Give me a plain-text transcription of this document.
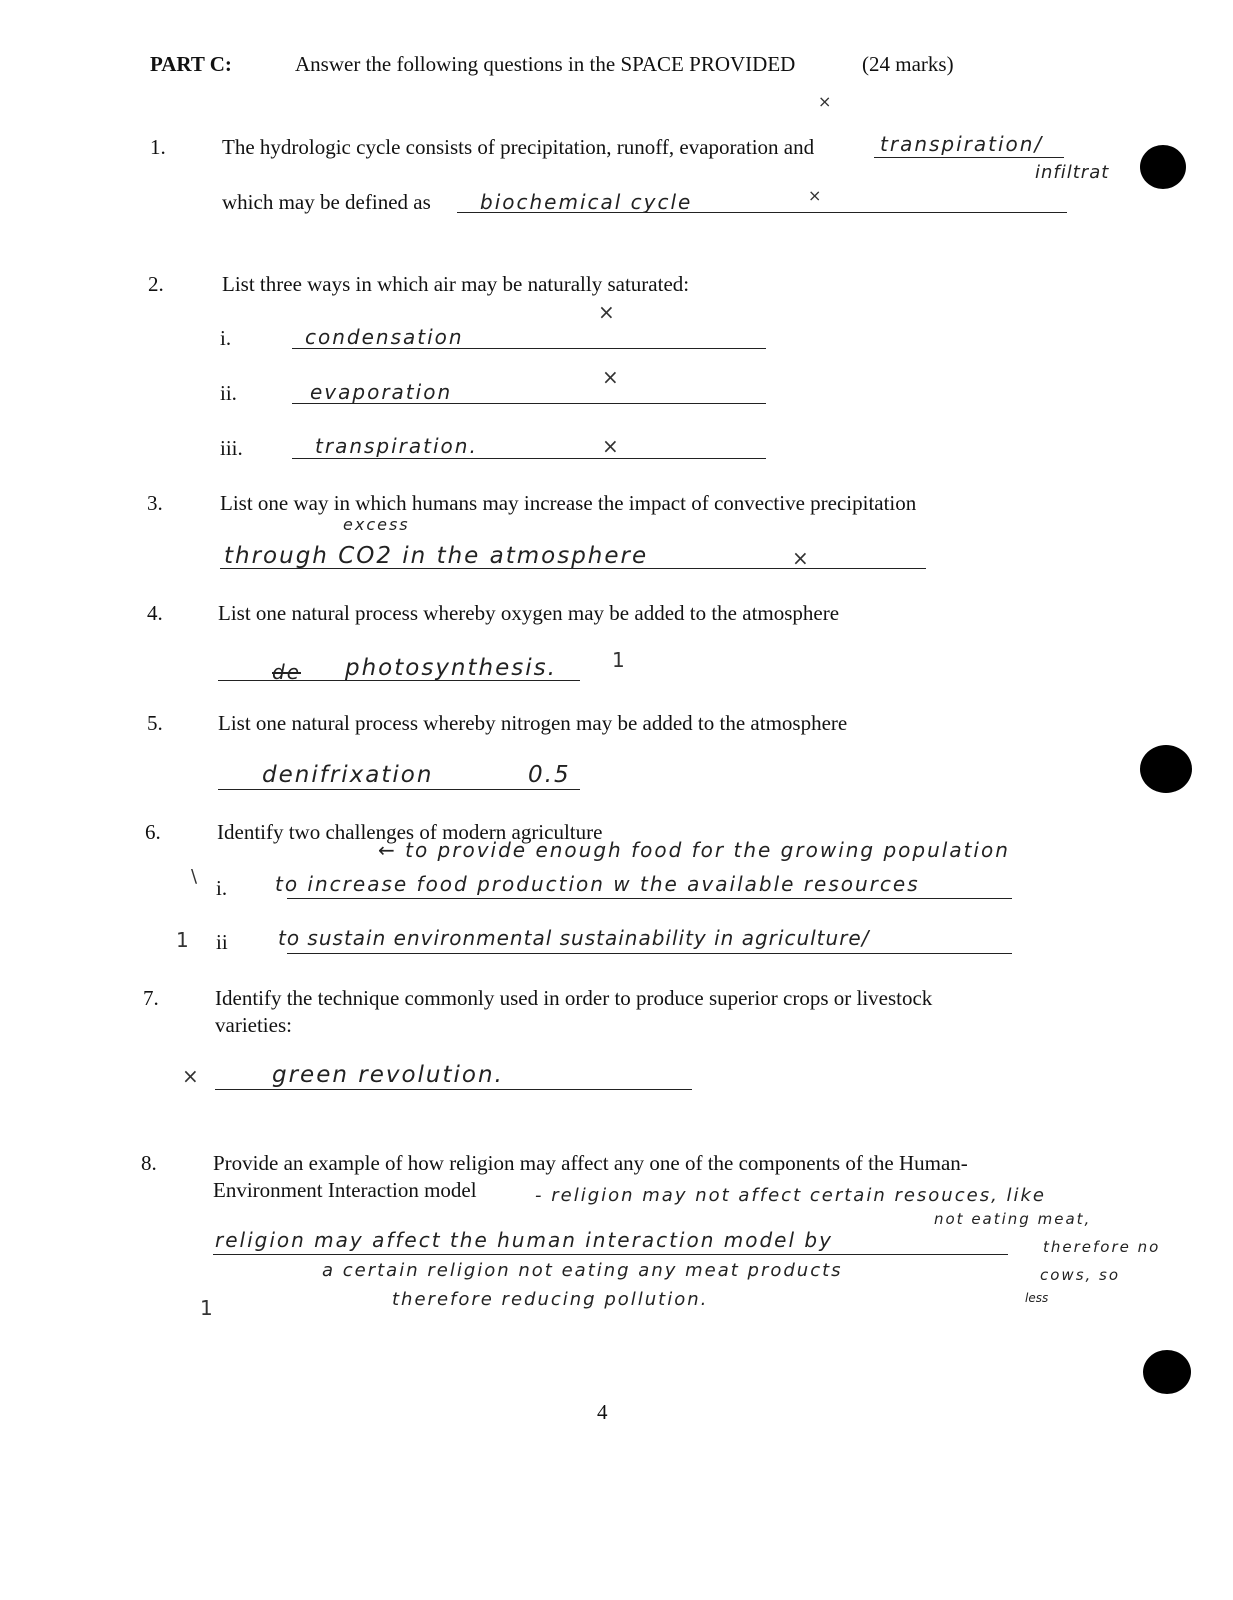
PART C:	Answer the following questions in the SPACE PROVIDED	(24 marks)
×
1.	The hydrologic cycle consists of precipitation, runoff, evaporation and	transpiration/
infiltrat
which may be defined as biochemical cycle	×
2.	List three ways in which air may be naturally saturated:
i.	condensation
×
ii.	evaporation
×
iii.	transpiration.	×
3.	List one way in which humans may increase the impact of convective precipitation
excess
through CO2 in the atmosphere	×
4.	List one natural process whereby oxygen may be added to the atmosphere
de photosynthesis.	1
5.	List one natural process whereby nitrogen may be added to the atmosphere
denifrixation	0.5
6.	Identify two challenges of modern agriculture
← to provide enough food for the growing population
\ i. to increase food production w the available resources
1 ii	to sustain environmental sustainability in agriculture/
7.	Identify the technique commonly used in order to produce superior crops or livestock
varieties:
×	green revolution.
8.	Provide an example of how religion may affect any one of the components of the Human-
Environment Interaction model	- religion may not affect certain resouces, like
not eating meat,
therefore no
cows, so
less
religion may affect the human interaction model by
a certain religion not eating any meat products
therefore reducing pollution.
1
4
